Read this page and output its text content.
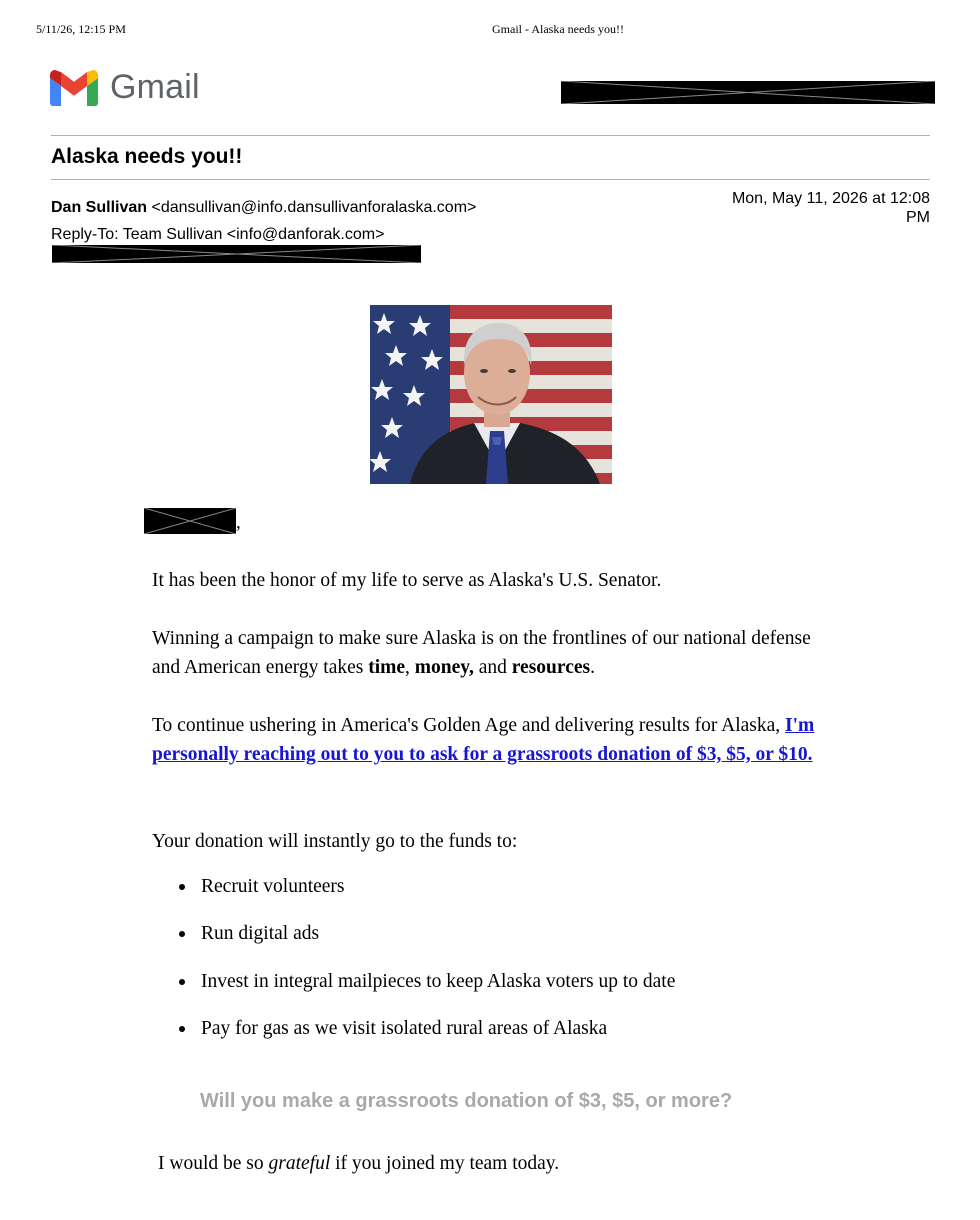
5/11/26, 12:15 PM	Gmail - Alaska needs you!!
Gmail
Alaska needs you!!
Dan Sullivan <dansullivan@info.dansullivanforalaska.com>
Reply-To: Team Sullivan <info@danforak.com>
Mon, May 11, 2026 at 12:08 PM
,

It has been the honor of my life to serve as Alaska's U.S. Senator.

Winning a campaign to make sure Alaska is on the frontlines of our national defense and American energy takes time, money, and resources.

To continue ushering in America's Golden Age and delivering results for Alaska, I'm personally reaching out to you to ask for a grassroots donation of $3, $5, or $10.

Your donation will instantly go to the funds to:

Recruit volunteers
Run digital ads
Invest in integral mailpieces to keep Alaska voters up to date
Pay for gas as we visit isolated rural areas of Alaska
Will you make a grassroots donation of $3, $5, or more?
I would be so grateful if you joined my team today.
